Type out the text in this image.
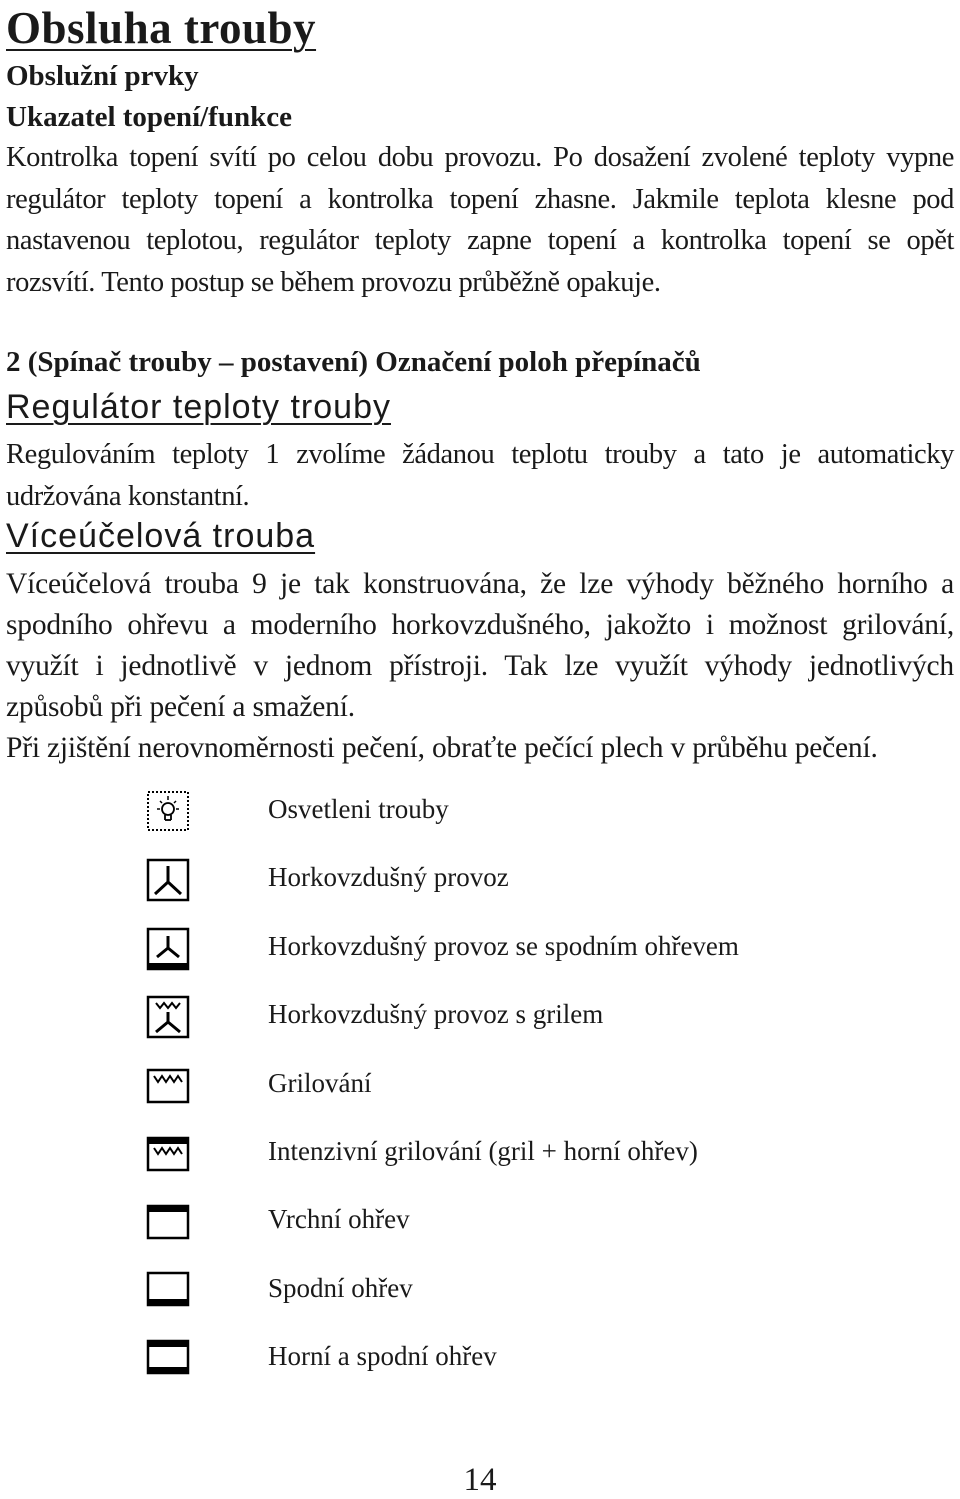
Obsluha trouby
Obslužní prvky
Ukazatel topení/funkce
Kontrolka topení svítí po celou dobu provozu. Po dosažení zvolené teploty vypne regulátor teploty topení a kontrolka topení zhasne. Jakmile teplota klesne pod nastavenou teplotou, regulátor teploty zapne topení a kontrolka topení se opět rozsvítí. Tento postup se během provozu průběžně opakuje.
2 (Spínač trouby – postavení) Označení poloh přepínačů
Regulátor teploty trouby
Regulováním teploty 1 zvolíme žádanou teplotu trouby a tato je automaticky udržována konstantní.
Víceúčelová trouba
Víceúčelová trouba 9 je tak konstruována, že lze výhody běžného horního a spodního ohřevu a moderního horkovzdušného, jakožto i možnost grilování, využít i jednotlivě v jednom přístroji. Tak lze využít výhody jednotlivých způsobů při pečení a smažení.
Při zjištění nerovnoměrnosti pečení, obraťte pečící plech v průběhu pečení.
Osvetleni trouby
Horkovzdušný provoz
Horkovzdušný provoz se spodním ohřevem
Horkovzdušný provoz s grilem
Grilování
Intenzivní grilování (gril + horní ohřev)
Vrchní ohřev
Spodní ohřev
Horní a spodní ohřev
14
